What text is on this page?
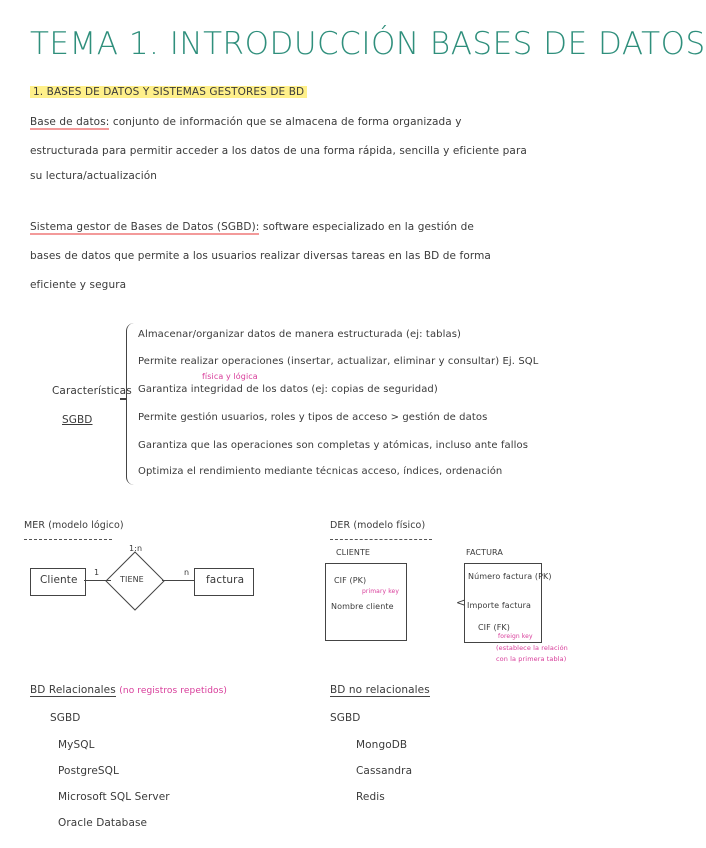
TEMA 1. INTRODUCCIÓN BASES DE DATOS
1. BASES DE DATOS Y SISTEMAS GESTORES DE BD
Base de datos: conjunto de información que se almacena de forma organizada y
estructurada para permitir acceder a los datos de una forma rápida, sencilla y eficiente para
su lectura/actualización
Sistema gestor de Bases de Datos (SGBD): software especializado en la gestión de
bases de datos que permite a los usuarios realizar diversas tareas en las BD de forma
eficiente y segura
Características
SGBD
Almacenar/organizar datos de manera estructurada (ej: tablas)
Permite realizar operaciones (insertar, actualizar, eliminar y consultar) Ej. SQL
física y lógica
Garantiza integridad de los datos (ej: copias de seguridad)
Permite gestión usuarios, roles y tipos de acceso > gestión de datos
Garantiza que las operaciones son completas y atómicas, incluso ante fallos
Optimiza el rendimiento mediante técnicas acceso, índices, ordenación
MER (modelo lógico)
Cliente
1
TIENE
1:n
n
factura
DER (modelo físico)
CLIENTE
CIF (PK)
primary key
Nombre cliente
FACTURA
<
Número factura (PK)
Importe factura
CIF (FK)
foreign key
(establece la relación
con la primera tabla)
BD Relacionales (no registros repetidos)
SGBD
MySQL
PostgreSQL
Microsoft SQL Server
Oracle Database
BD no relacionales
SGBD
MongoDB
Cassandra
Redis
